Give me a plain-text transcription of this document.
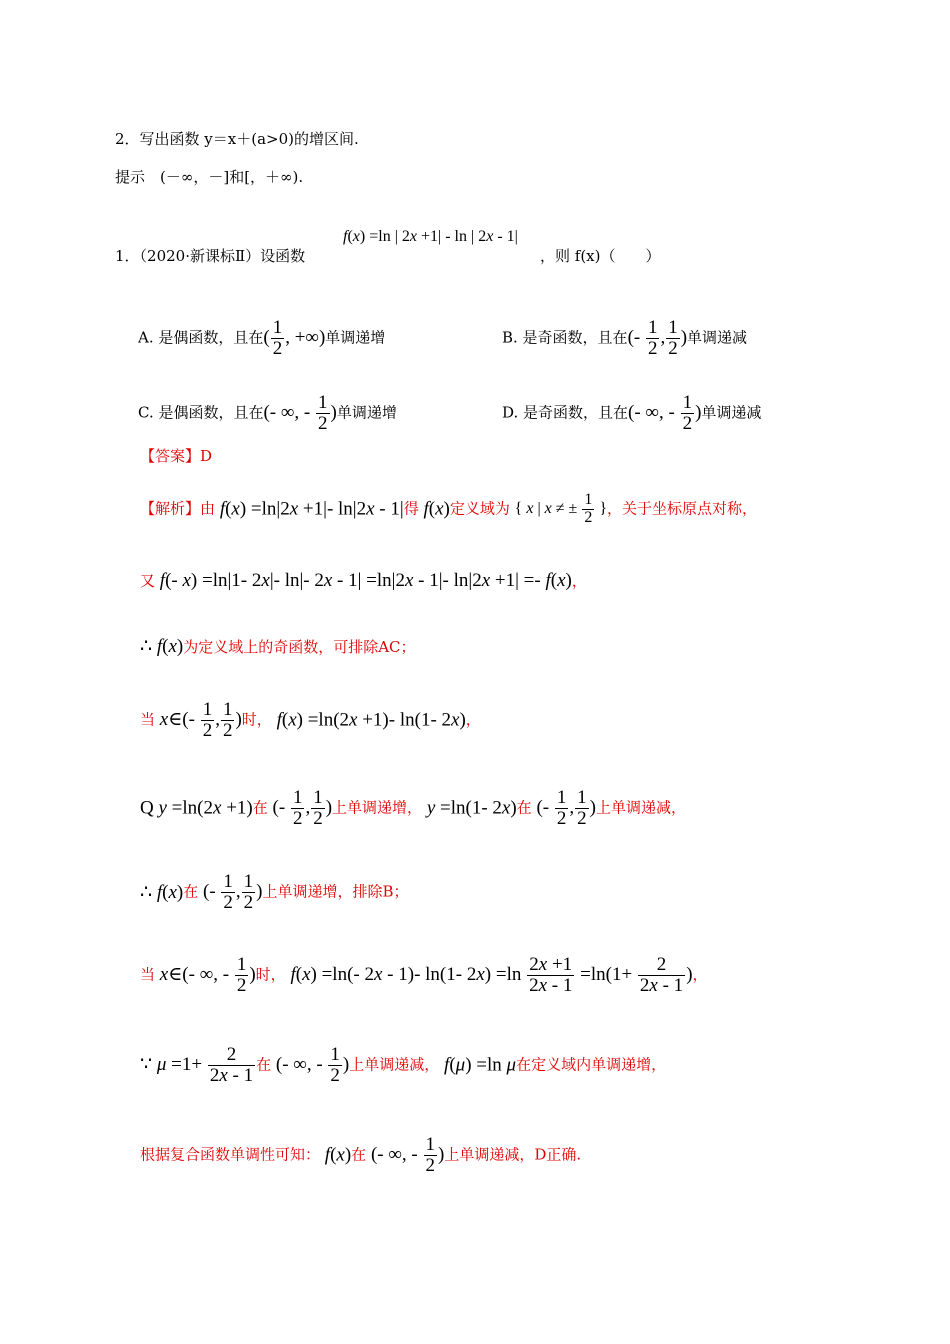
2．写出函数 y＝x＋(a>0)的增区间.
提示　(－∞，－]和[，＋∞).
1．（2020·新课标Ⅱ）设函数
f(x) =ln | 2x +1| - ln | 2x - 1|
，则 f(x)（　　）
A. 是偶函数，且在( $\frac{1}{2}$ , +∞)单调递增	B. 是奇函数，且在(- $\frac{1}{2}$ , $\frac{1}{2}$ )单调递减
C. 是偶函数，且在(- ∞, - $\frac{1}{2}$ )单调递增	D. 是奇函数，且在(- ∞, - $\frac{1}{2}$ )单调递减
【答案】D
【解析】由 f(x) =ln|2x +1|- ln|2x - 1|得 f(x)定义域为 { x | x ≠ ± $\frac{1}{2}$ }，关于坐标原点对称，
又 f(- x) =ln|1- 2x|- ln|- 2x - 1| =ln|2x - 1|- ln|2x +1| =- f(x)，
∴ f(x)为定义域上的奇函数，可排除AC；
当 x∈(- $\frac{1}{2}$ , $\frac{1}{2}$ )时， f(x) =ln(2x +1)- ln(1- 2x)，
Q y =ln(2x +1)在 (- $\frac{1}{2}$ , $\frac{1}{2}$ )上单调递增， y =ln(1- 2x)在 (- $\frac{1}{2}$ , $\frac{1}{2}$ )上单调递减，
∴ f(x)在 (- $\frac{1}{2}$ , $\frac{1}{2}$ )上单调递增，排除B；
当 x∈(- ∞, - $\frac{1}{2}$ )时， f(x) =ln(- 2x - 1)- ln(1- $2x) =\ln \frac{2x +1}{2x - 1} =\ln(1+ \frac{2}{2x - 1}$ )，
∵ $\mu =1+ \frac{2}{2x - 1}$ 在 (- ∞, - $\frac{1}{2}$ )上单调递减， f(μ) =ln μ在定义域内单调递增，
根据复合函数单调性可知： f(x)在 (- ∞, - $\frac{1}{2}$ )上单调递减，D正确.
